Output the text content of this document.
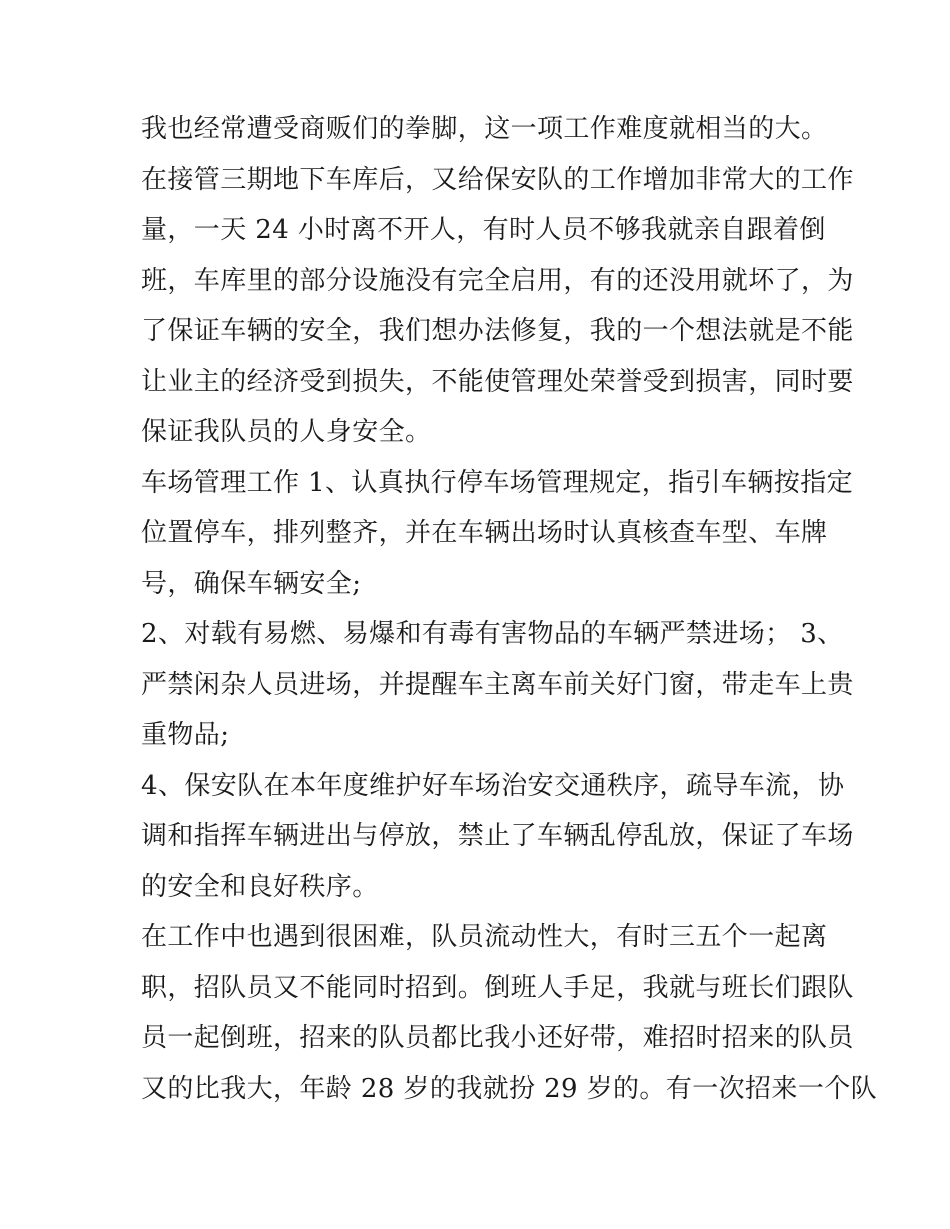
我也经常遭受商贩们的拳脚，这一项工作难度就相当的大。
在接管三期地下车库后，又给保安队的工作增加非常大的工作
量，一天 24 小时离不开人，有时人员不够我就亲自跟着倒
班，车库里的部分设施没有完全启用，有的还没用就坏了，为
了保证车辆的安全，我们想办法修复，我的一个想法就是不能
让业主的经济受到损失，不能使管理处荣誉受到损害，同时要
保证我队员的人身安全。
车场管理工作 1、认真执行停车场管理规定，指引车辆按指定
位置停车，排列整齐，并在车辆出场时认真核查车型、车牌
号，确保车辆安全;
2、对载有易燃、易爆和有毒有害物品的车辆严禁进场； 3、
严禁闲杂人员进场，并提醒车主离车前关好门窗，带走车上贵
重物品;
4、保安队在本年度维护好车场治安交通秩序，疏导车流，协
调和指挥车辆进出与停放，禁止了车辆乱停乱放，保证了车场
的安全和良好秩序。
在工作中也遇到很困难，队员流动性大，有时三五个一起离
职，招队员又不能同时招到。倒班人手足，我就与班长们跟队
员一起倒班，招来的队员都比我小还好带，难招时招来的队员
又的比我大，年龄 28 岁的我就扮 29 岁的。有一次招来一个队
